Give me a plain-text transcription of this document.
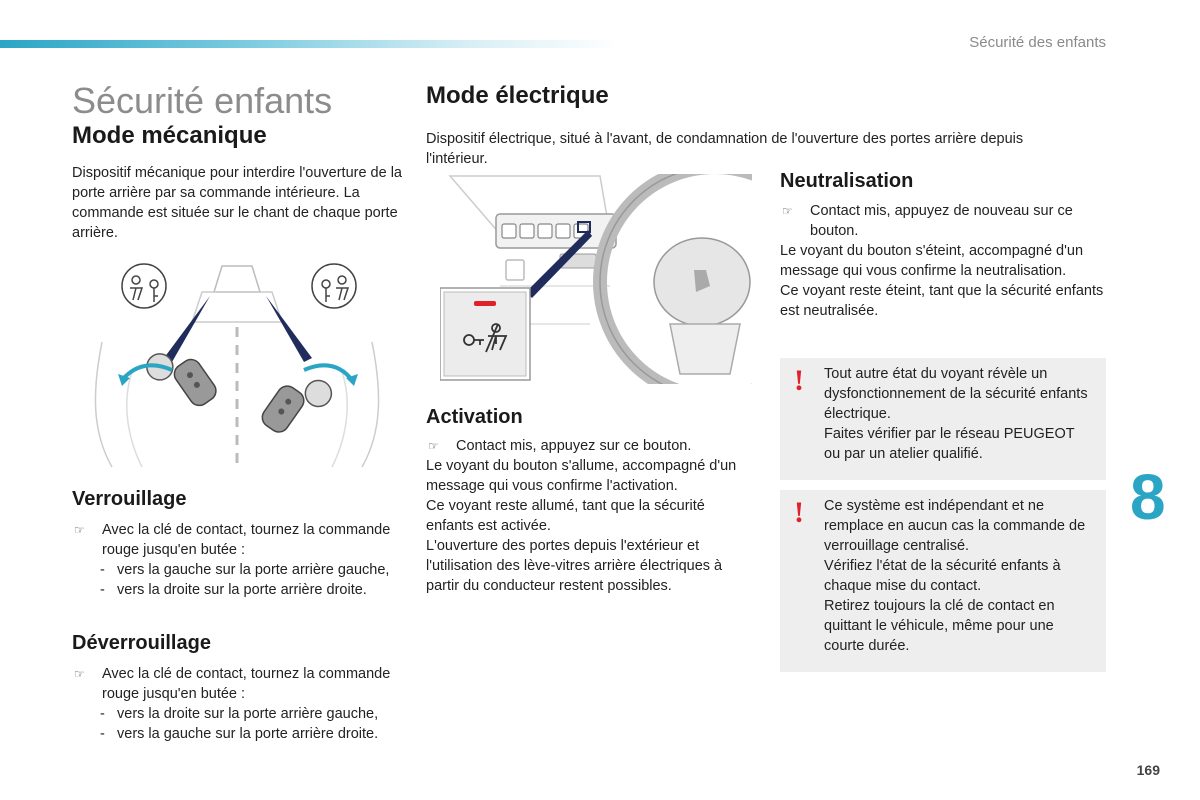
Sécurité des enfants
Sécurité enfants
Mode mécanique

Dispositif mécanique pour interdire l'ouverture de la porte arrière par sa commande intérieure. La commande est située sur le chant de chaque porte arrière.

Verrouillage
☞	Avec la clé de contact, tournez la commande rouge jusqu'en butée :
- vers la gauche sur la porte arrière gauche,
- vers la droite sur la porte arrière droite.
Déverrouillage
☞	Avec la clé de contact, tournez la commande rouge jusqu'en butée :
- vers la droite sur la porte arrière gauche,
- vers la gauche sur la porte arrière droite.
Mode électrique

Dispositif électrique, situé à l'avant, de condamnation de l'ouverture des portes arrière depuis l'intérieur.

Activation
☞	Contact mis, appuyez sur ce bouton.

Le voyant du bouton s'allume, accompagné d'un message qui vous confirme l'activation.

Ce voyant reste allumé, tant que la sécurité enfants est activée.

L'ouverture des portes depuis l'extérieur et l'utilisation des lève-vitres arrière électriques à partir du conducteur restent possibles.

Neutralisation
☞	Contact mis, appuyez de nouveau sur ce bouton.

Le voyant du bouton s'éteint, accompagné d'un message qui vous confirme la neutralisation.

Ce voyant reste éteint, tant que la sécurité enfants est neutralisée.

! Tout autre état du voyant révèle un dysfonctionnement de la sécurité enfants électrique.
Faites vérifier par le réseau PEUGEOT ou par un atelier qualifié.
! Ce système est indépendant et ne remplace en aucun cas la commande de verrouillage centralisé.
Vérifiez l'état de la sécurité enfants à chaque mise du contact.
Retirez toujours la clé de contact en quittant le véhicule, même pour une courte durée.
8
169
